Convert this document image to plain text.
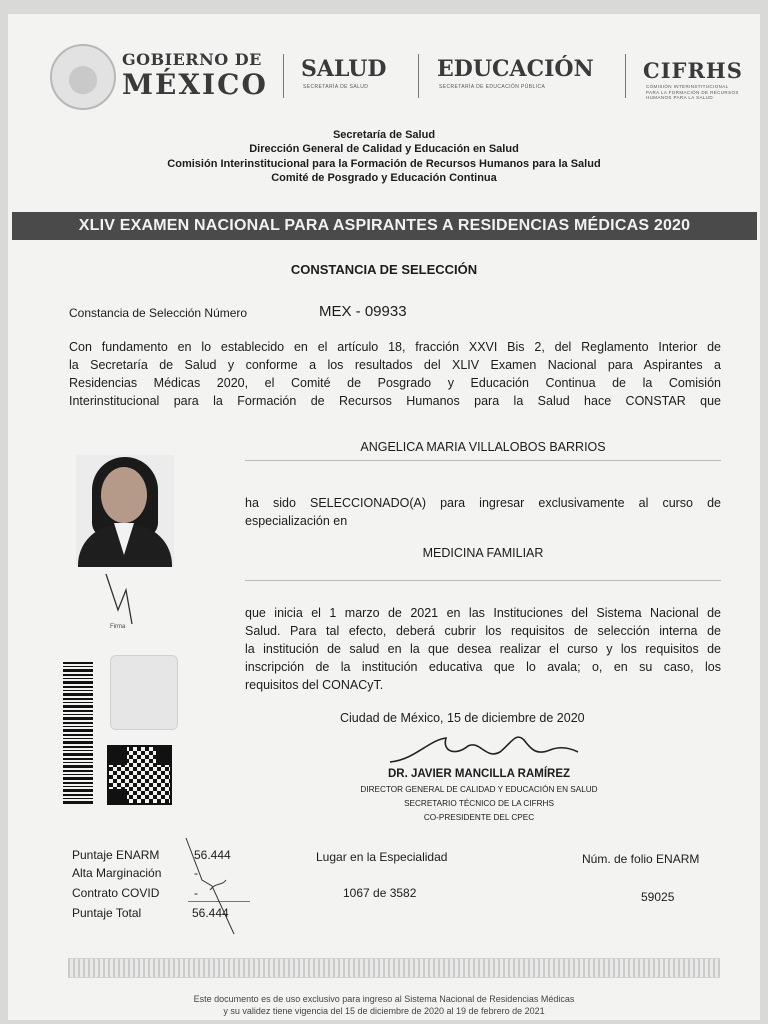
GOBIERNO DE
MÉXICO SALUD
SECRETARÍA DE SALUD
EDUCACIÓN
SECRETARÍA DE EDUCACIÓN PÚBLICA
CIFRHS
COMISIÓN INTERINSTITUCIONAL
PARA LA FORMACIÓN DE RECURSOS
HUMANOS PARA LA SALUD
Secretaría de Salud
Dirección General de Calidad y Educación en Salud
Comisión Interinstitucional para la Formación de Recursos Humanos para la Salud
Comité de Posgrado y Educación Continua
XLIV EXAMEN NACIONAL PARA ASPIRANTES A RESIDENCIAS MÉDICAS 2020
CONSTANCIA DE SELECCIÓN
Constancia de Selección Número	MEX - 09933
Con fundamento en lo establecido en el artículo 18, fracción XXVI Bis 2, del Reglamento Interior de
la Secretaría de Salud y conforme a los resultados del XLIV Examen Nacional para Aspirantes a
Residencias Médicas 2020, el Comité de Posgrado y Educación Continua de la Comisión
Interinstitucional para la Formación de Recursos Humanos para la Salud hace CONSTAR que
ANGELICA MARIA VILLALOBOS BARRIOS
ha sido SELECCIONADO(A) para ingresar exclusivamente al curso de
especialización en
MEDICINA FAMILIAR
Firma
que inicia el 1 marzo de 2021 en las Instituciones del Sistema Nacional de
Salud. Para tal efecto, deberá cubrir los requisitos de selección interna de
la institución de salud en la que desea realizar el curso y los requisitos de
inscripción de la institución educativa que lo avala; o, en su caso, los
requisitos del CONACyT.
Ciudad de México, 15 de diciembre de 2020
DR. JAVIER MANCILLA RAMÍREZ
DIRECTOR GENERAL DE CALIDAD Y EDUCACIÓN EN SALUD
SECRETARIO TÉCNICO DE LA CIFRHS
CO-PRESIDENTE DEL CPEC
Puntaje ENARM	56.444
Alta Marginación	-
Contrato COVID	-
Puntaje Total	56.444
Lugar en la Especialidad
1067 de 3582
Núm. de folio ENARM
59025
Este documento es de uso exclusivo para ingreso al Sistema Nacional de Residencias Médicas
y su validez tiene vigencia del 15 de diciembre de 2020 al 19 de febrero de 2021
